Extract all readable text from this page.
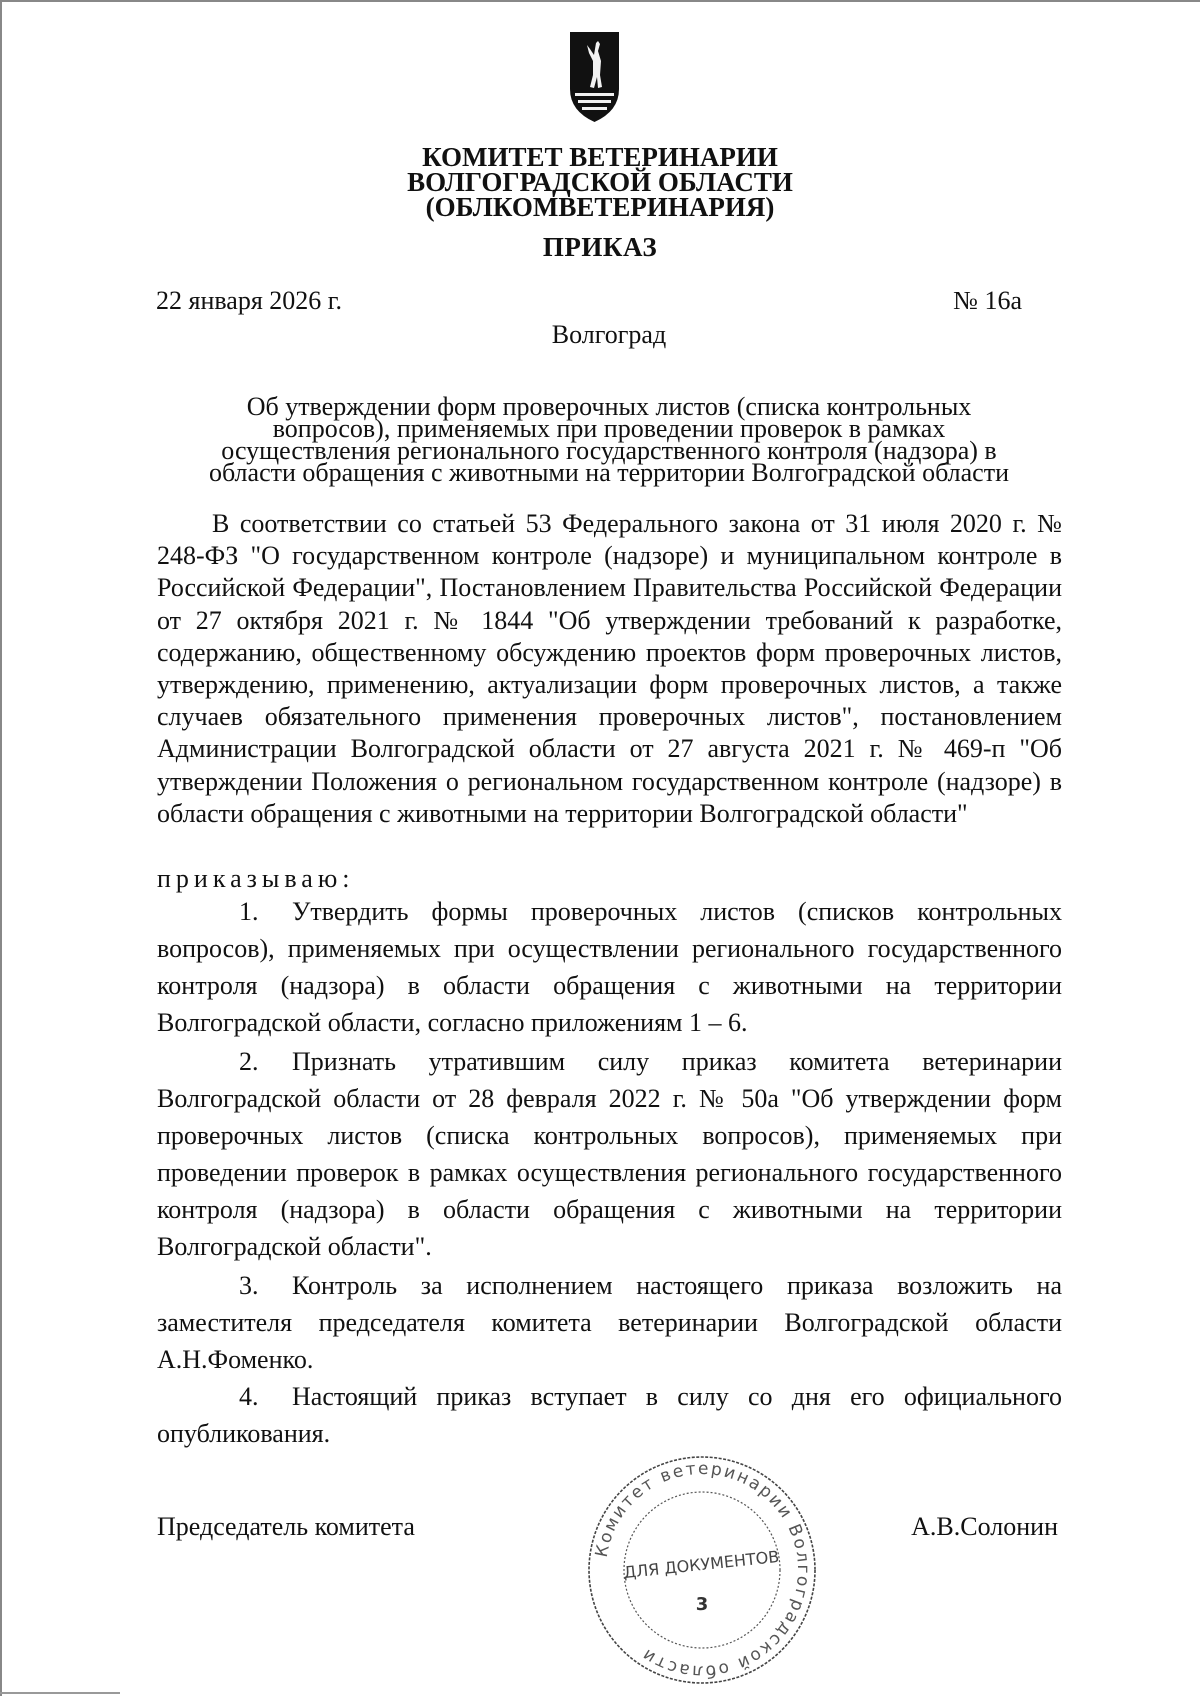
КОМИТЕТ ВЕТЕРИНАРИИ
ВОЛГОГРАДСКОЙ ОБЛАСТИ
(ОБЛКОМВЕТЕРИНАРИЯ)
ПРИКАЗ
22 января 2026 г.	№ 16а
Волгоград
Об утверждении форм проверочных листов (списка контрольных
вопросов), применяемых при проведении проверок в рамках
осуществления регионального государственного контроля (надзора) в
области обращения с животными на территории Волгоградской области
В соответствии со статьей 53 Федерального закона от 31 июля 2020 г. № 248-ФЗ "О государственном контроле (надзоре) и муниципальном контроле в Российской Федерации", Постановлением Правительства Российской Федерации от 27 октября 2021 г. № 1844 "Об утверждении требований к разработке, содержанию, общественному обсуждению проектов форм проверочных листов, утверждению, применению, актуализации форм проверочных листов, а также случаев обязательного применения проверочных листов", постановлением Администрации Волгоградской области от 27 августа 2021 г. № 469-п "Об утверждении Положения о региональном государственном контроле (надзоре) в области обращения с животными на территории Волгоградской области"
приказываю:
1. Утвердить формы проверочных листов (списков контрольных вопросов), применяемых при осуществлении регионального государственного контроля (надзора) в области обращения с животными на территории Волгоградской области, согласно приложениям 1 – 6.
2. Признать утратившим силу приказ комитета ветеринарии Волгоградской области от 28 февраля 2022 г. № 50а "Об утверждении форм проверочных листов (списка контрольных вопросов), применяемых при проведении проверок в рамках осуществления регионального государственного контроля (надзора) в области обращения с животными на территории Волгоградской области".
3. Контроль за исполнением настоящего приказа возложить на заместителя председателя комитета ветеринарии Волгоградской области А.Н.Фоменко.
4. Настоящий приказ вступает в силу со дня его официального опубликования.
Председатель комитета	А.В.Солонин
Комитет ветеринарии Волгоградской области
ДЛЯ ДОКУМЕНТОВ
3
